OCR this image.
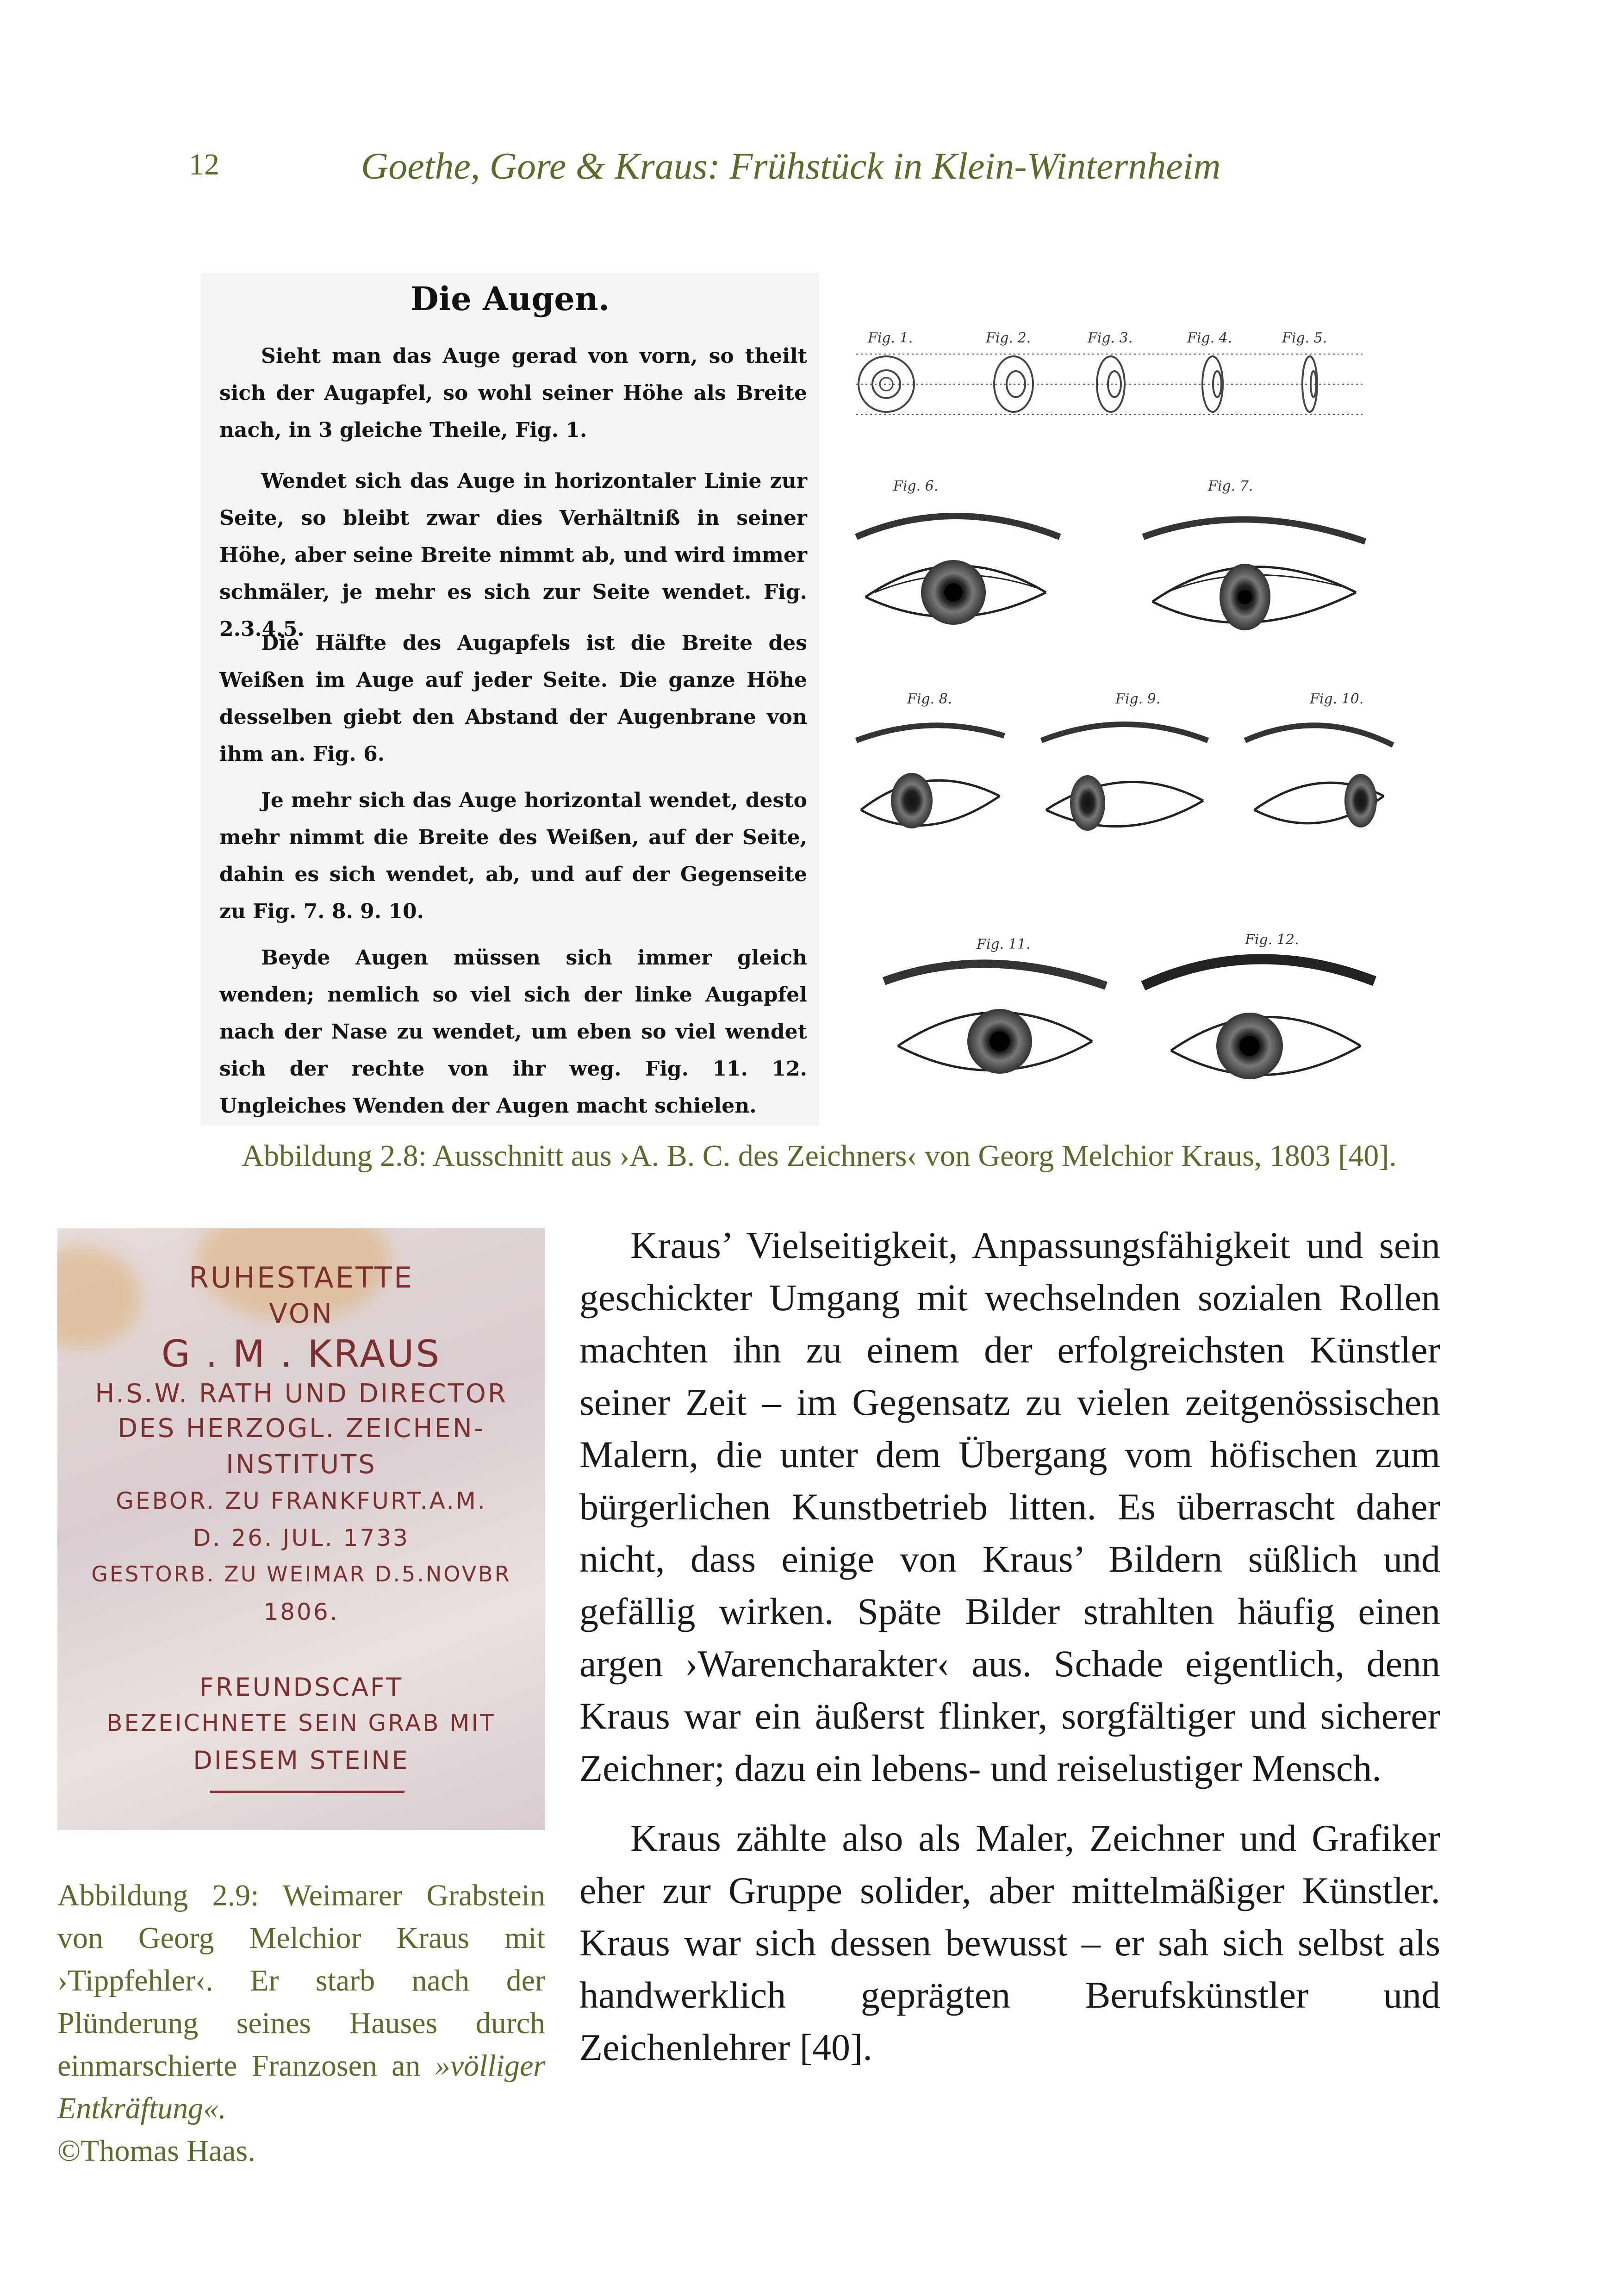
12	Goethe, Gore & Kraus: Frühstück in Klein-Winternheim
Die Augen.

Sieht man das Auge gerad von vorn, so theilt sich der Augapfel, so wohl seiner Höhe als Breite nach, in 3 gleiche Theile, Fig. 1.

Wendet sich das Auge in horizontaler Linie zur Seite, so bleibt zwar dies Verhältniß in seiner Höhe, aber seine Breite nimmt ab, und wird immer schmäler, je mehr es sich zur Seite wendet. Fig. 2.3.4.5.

Die Hälfte des Augapfels ist die Breite des Weißen im Auge auf jeder Seite. Die ganze Höhe desselben giebt den Abstand der Augenbrane von ihm an. Fig. 6.

Je mehr sich das Auge horizontal wendet, desto mehr nimmt die Breite des Weißen, auf der Seite, dahin es sich wendet, ab, und auf der Gegenseite zu Fig. 7. 8. 9. 10.

Beyde Augen müssen sich immer gleich wenden; nemlich so viel sich der linke Augapfel nach der Nase zu wendet, um eben so viel wendet sich der rechte von ihr weg. Fig. 11. 12. Ungleiches Wenden der Augen macht schielen.

Fig. 1.	Fig. 2.	Fig. 3.	Fig. 4.	Fig. 5.
Fig. 6.	Fig. 7.
Fig. 8.	Fig. 9.	Fig. 10.
Fig. 11.	Fig. 12.
Abbildung 2.8: Ausschnitt aus ›A. B. C. des Zeichners‹ von Georg Melchior Kraus, 1803 [40].
RUHESTAETTE
VON
G . M . KRAUS
H.S.W. RATH UND DIRECTOR
DES HERZOGL. ZEICHEN-
INSTITUTS
GEBOR. ZU FRANKFURT.A.M.
D. 26. JUL. 1733
GESTORB. ZU WEIMAR D.5.NOVBR
1806.
FREUNDSCAFT
BEZEICHNETE SEIN GRAB MIT
DIESEM STEINE

Abbildung 2.9: Weimarer Grabstein von Georg Melchior Kraus mit ›Tippfehler‹. Er starb nach der Plünderung seines Hauses durch einmarschierte Franzosen an »völliger Entkräftung«.
©Thomas Haas.

Kraus’ Vielseitigkeit, Anpassungsfähigkeit und sein geschickter Umgang mit wechselnden sozialen Rollen machten ihn zu einem der erfolgreichsten Künstler seiner Zeit – im Gegensatz zu vielen zeitgenössischen Malern, die unter dem Übergang vom höfischen zum bürgerlichen Kunstbetrieb litten. Es überrascht daher nicht, dass einige von Kraus’ Bildern süßlich und gefällig wirken. Späte Bilder strahlten häufig einen argen ›Warencharakter‹ aus. Schade eigentlich, denn Kraus war ein äußerst flinker, sorgfältiger und sicherer Zeichner; dazu ein lebens- und reiselustiger Mensch.

Kraus zählte also als Maler, Zeichner und Grafiker eher zur Gruppe solider, aber mittelmäßiger Künstler. Kraus war sich dessen bewusst – er sah sich selbst als handwerklich geprägten Berufskünstler und Zeichenlehrer [40].
